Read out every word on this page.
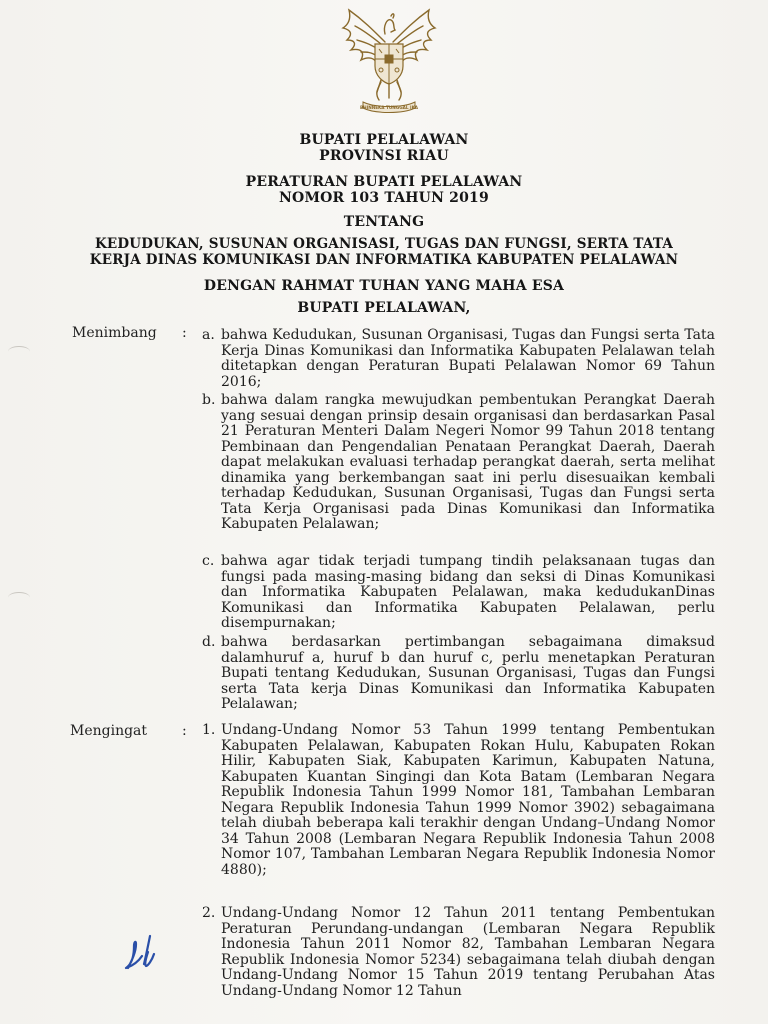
BHINNEKA TUNGGAL IKA
BUPATI PELALAWAN
PROVINSI RIAU
PERATURAN BUPATI PELALAWAN
NOMOR 103 TAHUN 2019
TENTANG
KEDUDUKAN, SUSUNAN ORGANISASI, TUGAS DAN FUNGSI, SERTA TATA
KERJA DINAS KOMUNIKASI DAN INFORMATIKA KABUPATEN PELALAWAN
DENGAN RAHMAT TUHAN YANG MAHA ESA
BUPATI PELALAWAN,
Menimbang : a. bahwa Kedudukan, Susunan Organisasi, Tugas dan Fungsi serta Tata Kerja Dinas Komunikasi dan Informatika Kabupaten Pelalawan telah ditetapkan dengan Peraturan Bupati Pelalawan Nomor 69 Tahun 2016;
b. bahwa dalam rangka mewujudkan pembentukan Perangkat Daerah yang sesuai dengan prinsip desain organisasi dan berdasarkan Pasal 21 Peraturan Menteri Dalam Negeri Nomor 99 Tahun 2018 tentang Pembinaan dan Pengendalian Penataan Perangkat Daerah, Daerah dapat melakukan evaluasi terhadap perangkat daerah, serta melihat dinamika yang berkembangan saat ini perlu disesuaikan kembali terhadap Kedudukan, Susunan Organisasi, Tugas dan Fungsi serta Tata Kerja Organisasi pada Dinas Komunikasi dan Informatika Kabupaten Pelalawan;
c. bahwa agar tidak terjadi tumpang tindih pelaksanaan tugas dan fungsi pada masing-masing bidang dan seksi di Dinas Komunikasi dan Informatika Kabupaten Pelalawan, maka kedudukanDinas Komunikasi dan Informatika Kabupaten Pelalawan, perlu disempurnakan;
d. bahwa berdasarkan pertimbangan sebagaimana dimaksud dalamhuruf a, huruf b dan huruf c, perlu menetapkan Peraturan Bupati tentang Kedudukan, Susunan Organisasi, Tugas dan Fungsi serta Tata kerja Dinas Komunikasi dan Informatika Kabupaten Pelalawan;
Mengingat : 1. Undang-Undang Nomor 53 Tahun 1999 tentang Pembentukan Kabupaten Pelalawan, Kabupaten Rokan Hulu, Kabupaten Rokan Hilir, Kabupaten Siak, Kabupaten Karimun, Kabupaten Natuna, Kabupaten Kuantan Singingi dan Kota Batam (Lembaran Negara Republik Indonesia Tahun 1999 Nomor 181, Tambahan Lembaran Negara Republik Indonesia Tahun 1999 Nomor 3902) sebagaimana telah diubah beberapa kali terakhir dengan Undang–Undang Nomor 34 Tahun 2008 (Lembaran Negara Republik Indonesia Tahun 2008 Nomor 107, Tambahan Lembaran Negara Republik Indonesia Nomor 4880);
2. Undang-Undang Nomor 12 Tahun 2011 tentang Pembentukan Peraturan Perundang-undangan (Lembaran Negara Republik Indonesia Tahun 2011 Nomor 82, Tambahan Lembaran Negara Republik Indonesia Nomor 5234) sebagaimana telah diubah dengan Undang-Undang Nomor 15 Tahun 2019 tentang Perubahan Atas Undang-Undang Nomor 12 Tahun
